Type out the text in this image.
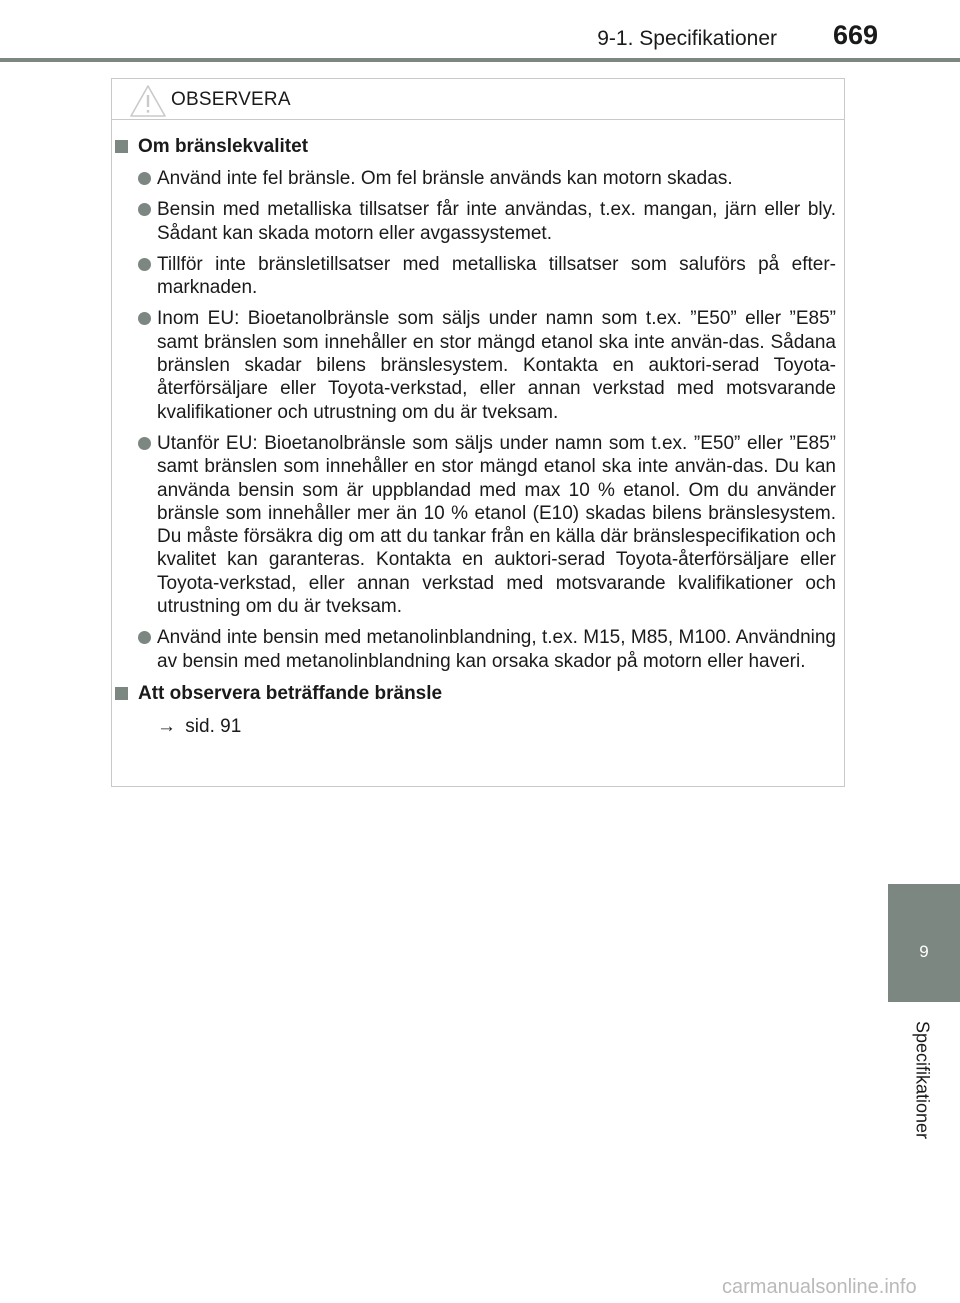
9-1. Specifikationer 669
OBSERVERA
Om bränslekvalitet
Använd inte fel bränsle. Om fel bränsle används kan motorn skadas.
Bensin med metalliska tillsatser får inte användas, t.ex. mangan, järn eller bly. Sådant kan skada motorn eller avgassystemet.
Tillför inte bränsletillsatser med metalliska tillsatser som saluförs på efter-marknaden.
Inom EU: Bioetanolbränsle som säljs under namn som t.ex. ”E50” eller ”E85” samt bränslen som innehåller en stor mängd etanol ska inte använ-das. Sådana bränslen skadar bilens bränslesystem. Kontakta en auktori-serad Toyota-återförsäljare eller Toyota-verkstad, eller annan verkstad med motsvarande kvalifikationer och utrustning om du är tveksam.
Utanför EU: Bioetanolbränsle som säljs under namn som t.ex. ”E50” eller ”E85” samt bränslen som innehåller en stor mängd etanol ska inte använ-das. Du kan använda bensin som är uppblandad med max 10 % etanol. Om du använder bränsle som innehåller mer än 10 % etanol (E10) skadas bilens bränslesystem. Du måste försäkra dig om att du tankar från en källa där bränslespecifikation och kvalitet kan garanteras. Kontakta en auktori-serad Toyota-återförsäljare eller Toyota-verkstad, eller annan verkstad med motsvarande kvalifikationer och utrustning om du är tveksam.
Använd inte bensin med metanolinblandning, t.ex. M15, M85, M100. Användning av bensin med metanolinblandning kan orsaka skador på motorn eller haveri.
Att observera beträffande bränsle
→ sid. 91
9
Specifikationer
carmanualsonline.info
